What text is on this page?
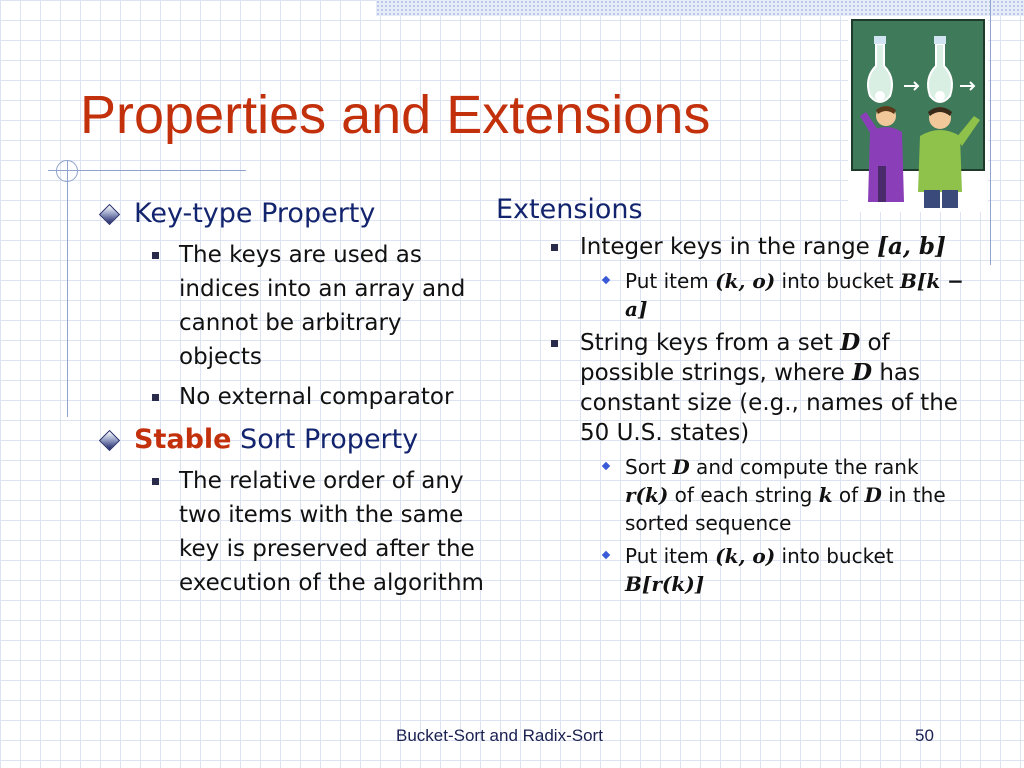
Properties and Extensions
Key-type Property
The keys are used as indices into an array and cannot be arbitrary objects
No external comparator
Stable Sort Property
The relative order of any two items with the same key is preserved after the execution of the algorithm
Extensions
Integer keys in the range [a, b]
Put item (k, o) into bucket B[k − a]
String keys from a set D of possible strings, where D has constant size (e.g., names of the 50 U.S. states)
Sort D and compute the rank r(k) of each string k of D in the sorted sequence
Put item (k, o) into bucket B[r(k)]
Bucket-Sort and Radix-Sort	50
